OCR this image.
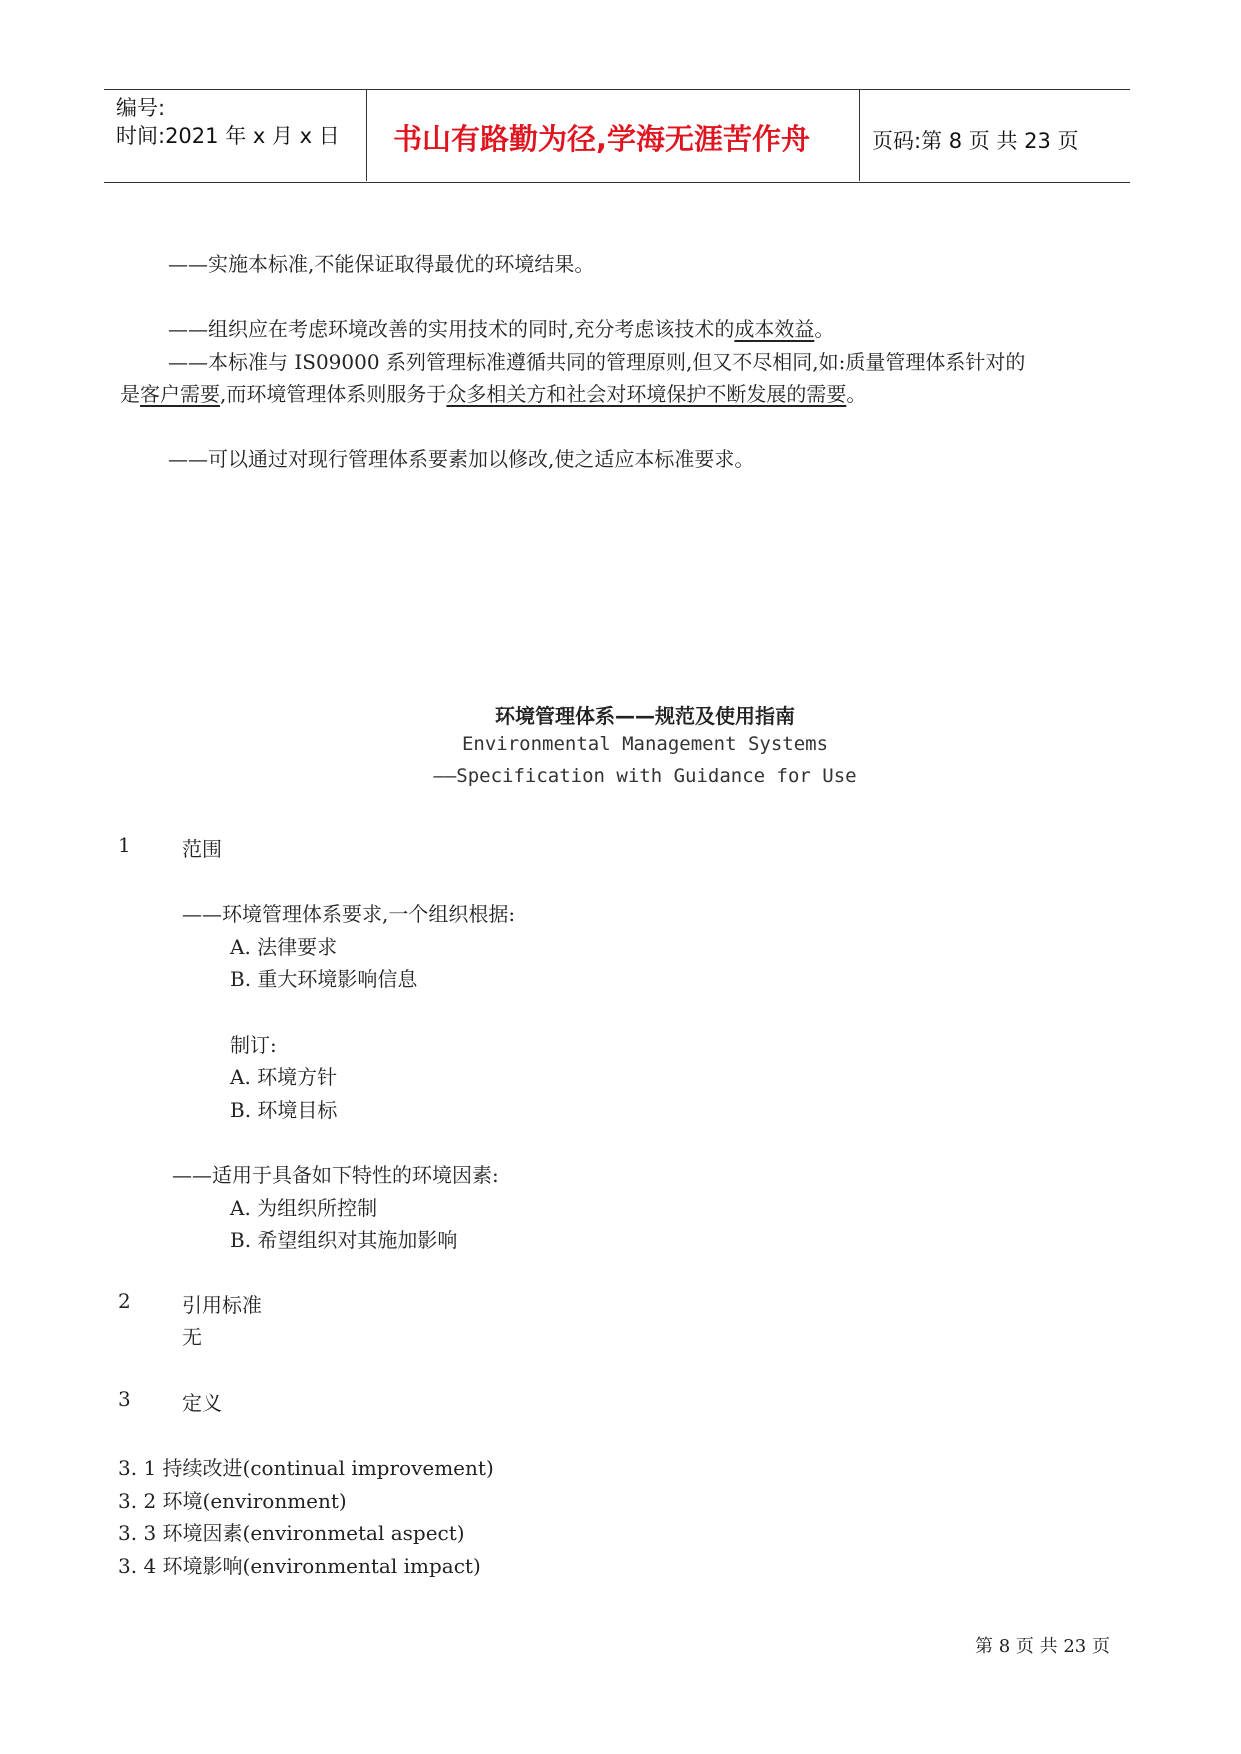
编号:
时间:2021 年 x 月 x 日 书山有路勤为径,学海无涯苦作舟	页码:第 8 页 共 23 页
——实施本标准,不能保证取得最优的环境结果。
——组织应在考虑环境改善的实用技术的同时,充分考虑该技术的成本效益。
——本标准与 IS09000 系列管理标准遵循共同的管理原则,但又不尽相同,如:质量管理体系针对的
是客户需要,而环境管理体系则服务于众多相关方和社会对环境保护不断发展的需要。
——可以通过对现行管理体系要素加以修改,使之适应本标准要求。
环境管理体系——规范及使用指南
Environmental Management Systems
——Specification with Guidance for Use
1	范围
——环境管理体系要求,一个组织根据:
A. 法律要求
B. 重大环境影响信息
制订:
A. 环境方针
B. 环境目标
——适用于具备如下特性的环境因素:
A. 为组织所控制
B. 希望组织对其施加影响
2	引用标准
无
3	定义
3. 1 持续改进(continual improvement)
3. 2 环境(environment)
3. 3 环境因素(environmetal aspect)
3. 4 环境影响(environmental impact)
第 8 页 共 23 页
